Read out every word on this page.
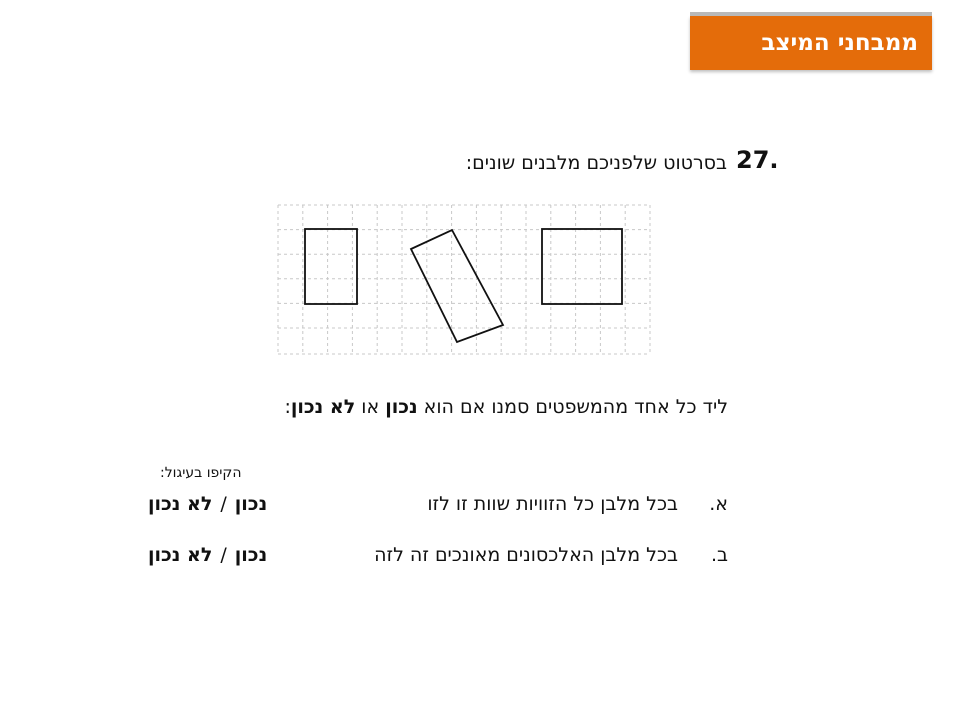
ממבחני המיצב
27.
בסרטוט שלפניכם מלבנים שונים:
ליד כל אחד מהמשפטים סמנו אם הוא נכון או לא נכון:
הקיפו בעיגול:
א.
בכל מלבן כל הזוויות שוות זו לזו
נכון/לא נכון
ב.
בכל מלבן האלכסונים מאונכים זה לזה
נכון/לא נכון
